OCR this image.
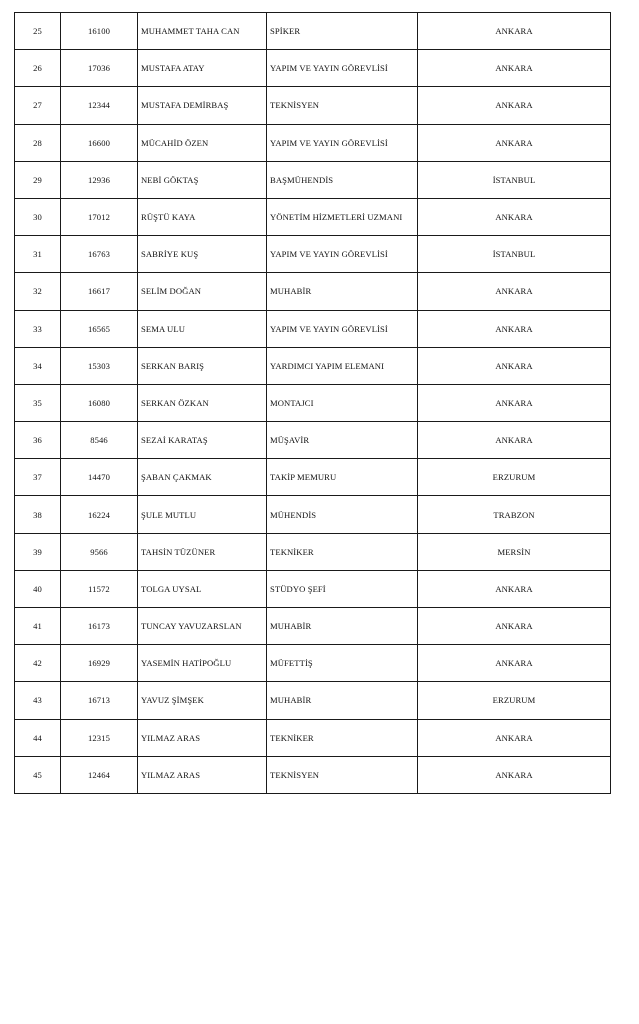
25	16100	MUHAMMET TAHA CAN	SPİKER	ANKARA
26	17036	MUSTAFA ATAY	YAPIM VE YAYIN GÖREVLİSİ	ANKARA
27	12344	MUSTAFA DEMİRBAŞ	TEKNİSYEN	ANKARA
28	16600	MÜCAHİD ÖZEN	YAPIM VE YAYIN GÖREVLİSİ	ANKARA
29	12936	NEBİ GÖKTAŞ	BAŞMÜHENDİS	İSTANBUL
30	17012	RÜŞTÜ KAYA	YÖNETİM HİZMETLERİ UZMANI	ANKARA
31	16763	SABRİYE KUŞ	YAPIM VE YAYIN GÖREVLİSİ	İSTANBUL
32	16617	SELİM DOĞAN	MUHABİR	ANKARA
33	16565	SEMA ULU	YAPIM VE YAYIN GÖREVLİSİ	ANKARA
34	15303	SERKAN BARIŞ	YARDIMCI YAPIM ELEMANI	ANKARA
35	16080	SERKAN ÖZKAN	MONTAJCI	ANKARA
36	8546	SEZAİ KARATAŞ	MÜŞAVİR	ANKARA
37	14470	ŞABAN ÇAKMAK	TAKİP MEMURU	ERZURUM
38	16224	ŞULE MUTLU	MÜHENDİS	TRABZON
39	9566	TAHSİN TÜZÜNER	TEKNİKER	MERSİN
40	11572	TOLGA UYSAL	STÜDYO ŞEFİ	ANKARA
41	16173	TUNCAY YAVUZARSLAN	MUHABİR	ANKARA
42	16929	YASEMİN HATİPOĞLU	MÜFETTİŞ	ANKARA
43	16713	YAVUZ ŞİMŞEK	MUHABİR	ERZURUM
44	12315	YILMAZ ARAS	TEKNİKER	ANKARA
45	12464	YILMAZ ARAS	TEKNİSYEN	ANKARA
